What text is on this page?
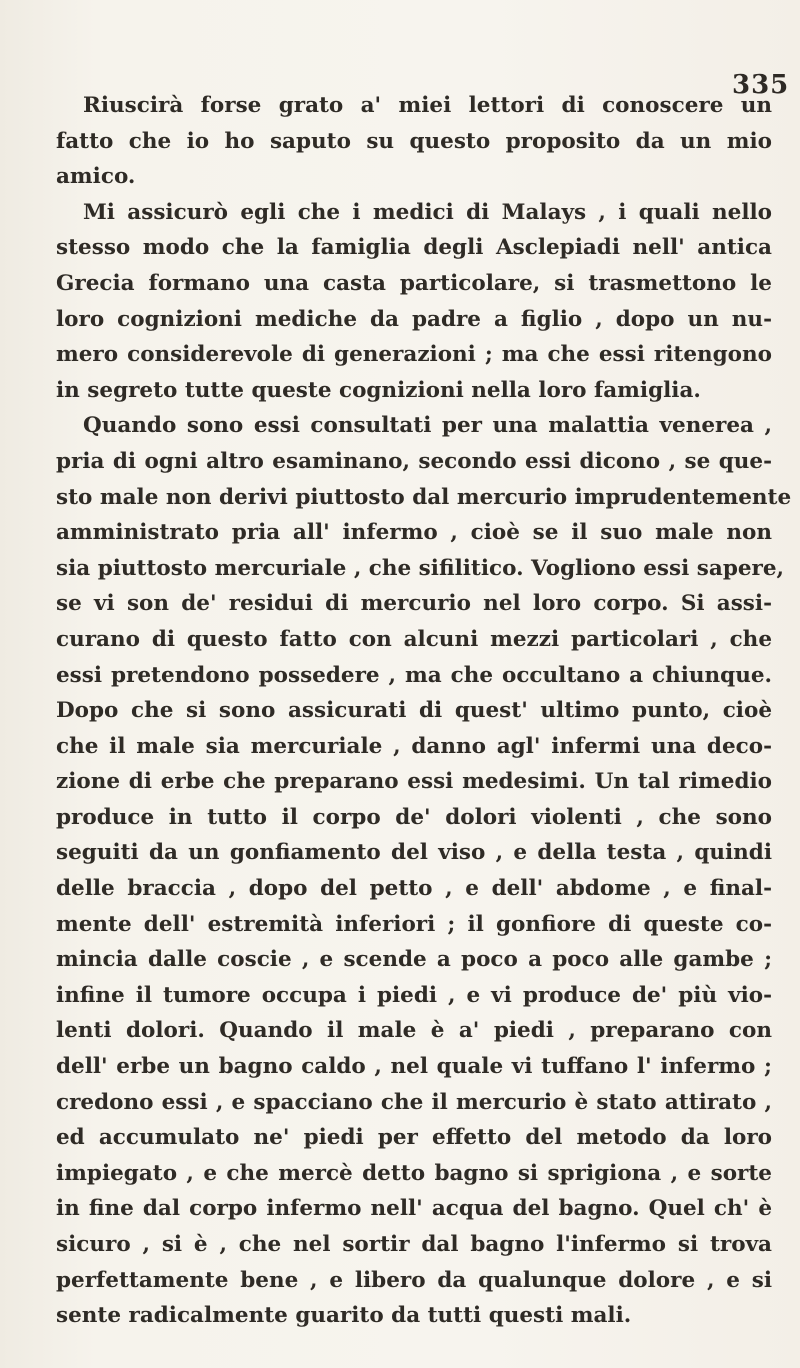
335
Riuscirà forse grato a' miei lettori di conoscere un
fatto che io ho saputo su questo proposito da un mio
amico.
Mi assicurò egli che i medici di Malays , i quali nello
stesso modo che la famiglia degli Asclepiadi nell' antica
Grecia formano una casta particolare, si trasmettono le
loro cognizioni mediche da padre a figlio , dopo un nu-
mero considerevole di generazioni ; ma che essi ritengono
in segreto tutte queste cognizioni nella loro famiglia.
Quando sono essi consultati per una malattia venerea ,
pria di ogni altro esaminano, secondo essi dicono , se que-
sto male non derivi piuttosto dal mercurio imprudentemente
amministrato pria all' infermo , cioè se il suo male non
sia piuttosto mercuriale , che sifilitico. Vogliono essi sapere,
se vi son de' residui di mercurio nel loro corpo. Si assi-
curano di questo fatto con alcuni mezzi particolari , che
essi pretendono possedere , ma che occultano a chiunque.
Dopo che si sono assicurati di quest' ultimo punto, cioè
che il male sia mercuriale , danno agl' infermi una deco-
zione di erbe che preparano essi medesimi. Un tal rimedio
produce in tutto il corpo de' dolori violenti , che sono
seguiti da un gonfiamento del viso , e della testa , quindi
delle braccia , dopo del petto , e dell' abdome , e final-
mente dell' estremità inferiori ; il gonfiore di queste co-
mincia dalle coscie , e scende a poco a poco alle gambe ;
infine il tumore occupa i piedi , e vi produce de' più vio-
lenti dolori. Quando il male è a' piedi , preparano con
dell' erbe un bagno caldo , nel quale vi tuffano l' infermo ;
credono essi , e spacciano che il mercurio è stato attirato ,
ed accumulato ne' piedi per effetto del metodo da loro
impiegato , e che mercè detto bagno si sprigiona , e sorte
in fine dal corpo infermo nell' acqua del bagno. Quel ch' è
sicuro , si è , che nel sortir dal bagno l'infermo si trova
perfettamente bene , e libero da qualunque dolore , e si
sente radicalmente guarito da tutti questi mali.
